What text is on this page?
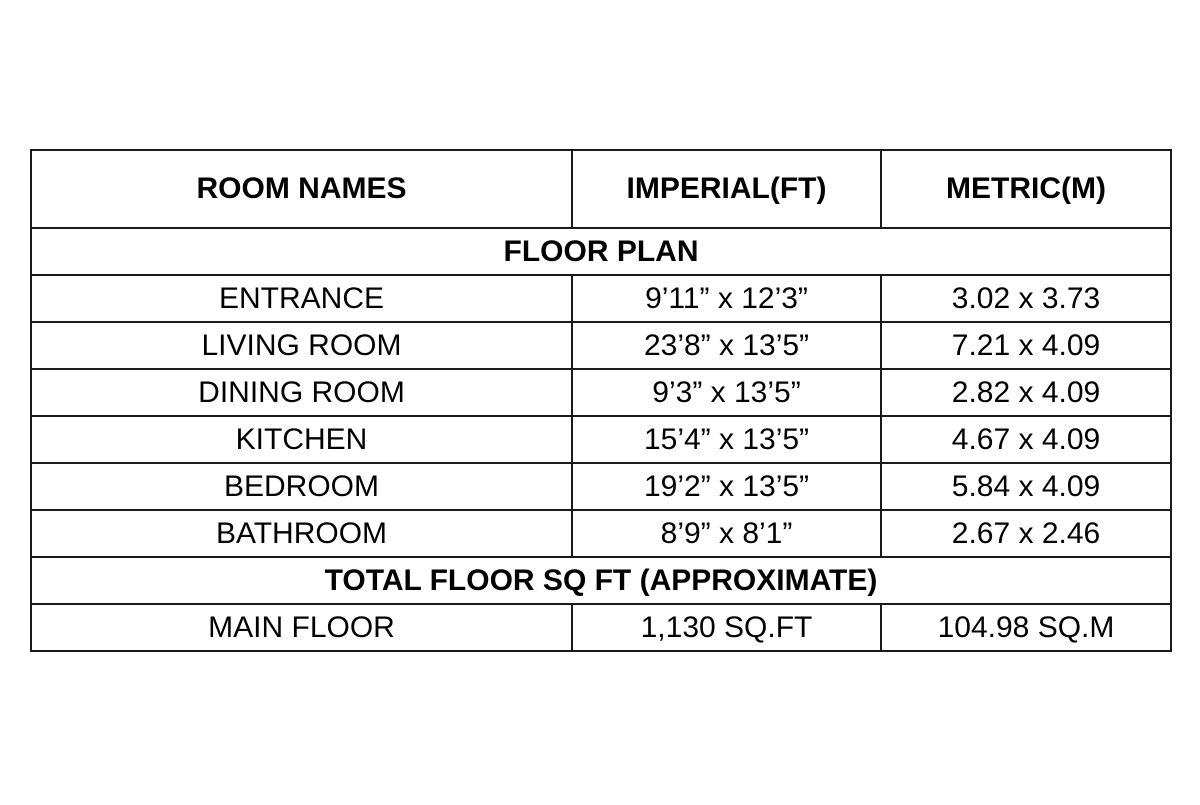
ROOM NAMES	IMPERIAL(FT)	METRIC(M)
FLOOR PLAN		
ENTRANCE	9’11” x 12’3”	3.02 x 3.73
LIVING ROOM	23’8” x 13’5”	7.21 x 4.09
DINING ROOM	9’3” x 13’5”	2.82 x 4.09
KITCHEN	15’4” x 13’5”	4.67 x 4.09
BEDROOM	19’2” x 13’5”	5.84 x 4.09
BATHROOM	8’9” x 8’1”	2.67 x 2.46
TOTAL FLOOR SQ FT (APPROXIMATE)		
MAIN FLOOR	1,130 SQ.FT	104.98 SQ.M
